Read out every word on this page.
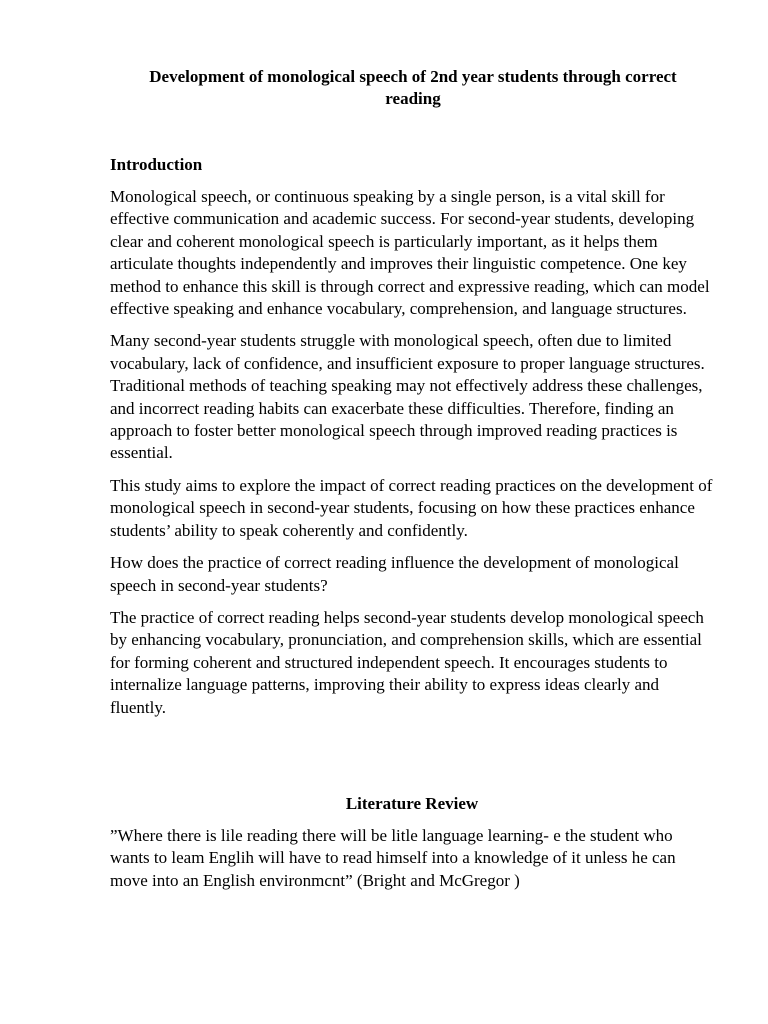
Development of monological speech of 2nd year students through correct reading
Introduction

Monological speech, or continuous speaking by a single person, is a vital skill for effective communication and academic success. For second-year students, developing clear and coherent monological speech is particularly important, as it helps them articulate thoughts independently and improves their linguistic competence. One key method to enhance this skill is through correct and expressive reading, which can model effective speaking and enhance vocabulary, comprehension, and language structures.

Many second-year students struggle with monological speech, often due to limited vocabulary, lack of confidence, and insufficient exposure to proper language structures. Traditional methods of teaching speaking may not effectively address these challenges, and incorrect reading habits can exacerbate these difficulties. Therefore, finding an approach to foster better monological speech through improved reading practices is essential.

This study aims to explore the impact of correct reading practices on the development of monological speech in second-year students, focusing on how these practices enhance students’ ability to speak coherently and confidently.

How does the practice of correct reading influence the development of monological speech in second-year students?

The practice of correct reading helps second-year students develop monological speech by enhancing vocabulary, pronunciation, and comprehension skills, which are essential for forming coherent and structured independent speech. It encourages students to internalize language patterns, improving their ability to express ideas clearly and fluently.

Literature Review

”Where there is lile reading there will be litle language learning- e the student who wants to leam Englih will have to read himself into a knowledge of it unless he can move into an English environmcnt” (Bright and McGregor )
